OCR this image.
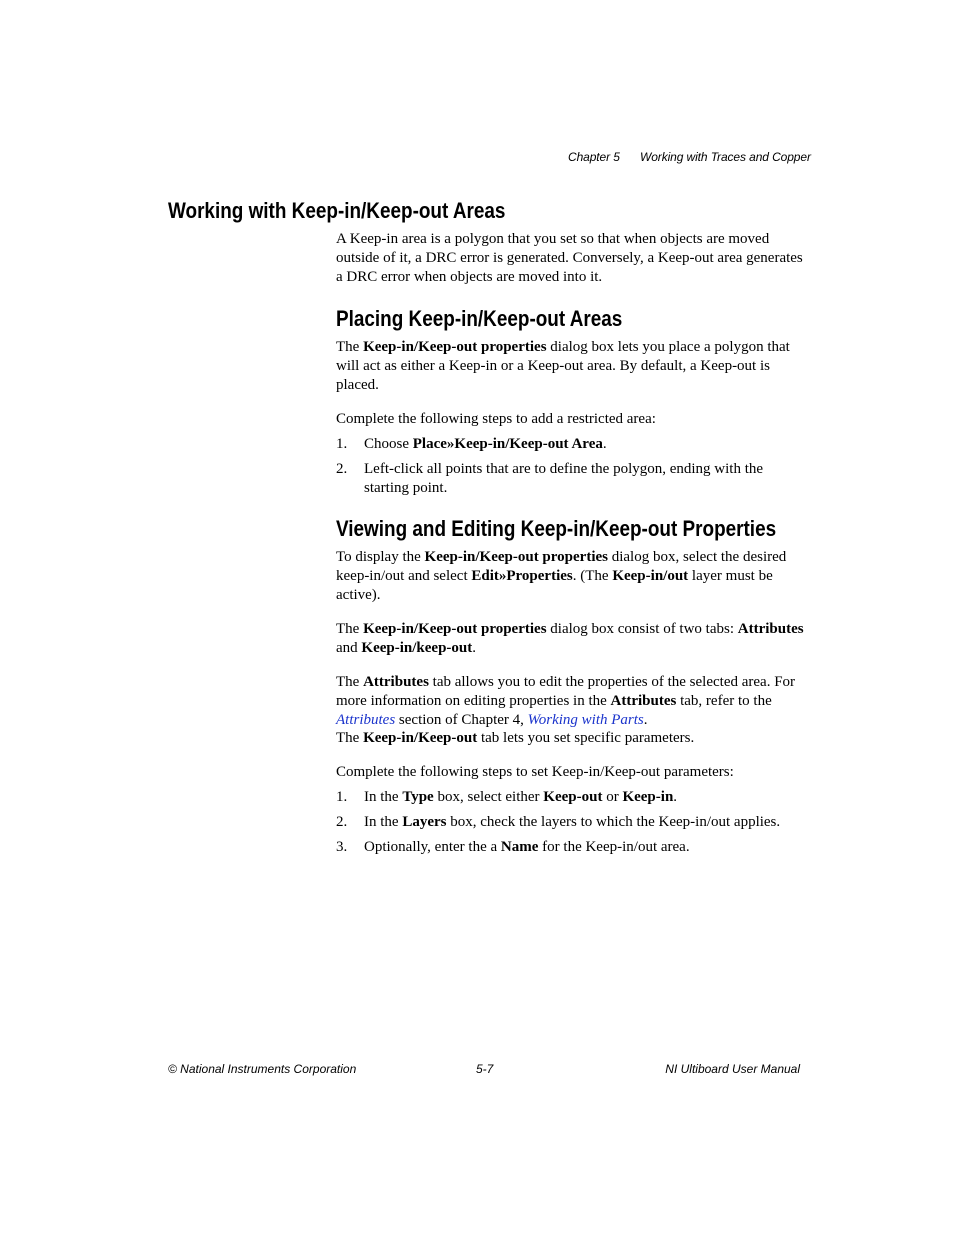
Chapter 5 Working with Traces and Copper
Working with Keep-in/Keep-out Areas

A Keep-in area is a polygon that you set so that when objects are moved outside of it, a DRC error is generated. Conversely, a Keep-out area generates a DRC error when objects are moved into it.

Placing Keep-in/Keep-out Areas

The Keep-in/Keep-out properties dialog box lets you place a polygon that will act as either a Keep-in or a Keep-out area. By default, a Keep-out is placed.

Complete the following steps to add a restricted area:

1. Choose Place»Keep-in/Keep-out Area.
2. Left-click all points that are to define the polygon, ending with the starting point.
Viewing and Editing Keep-in/Keep-out Properties

To display the Keep-in/Keep-out properties dialog box, select the desired keep-in/out and select Edit»Properties. (The Keep-in/out layer must be active).

The Keep-in/Keep-out properties dialog box consist of two tabs: Attributes and Keep-in/keep-out.

The Attributes tab allows you to edit the properties of the selected area. For more information on editing properties in the Attributes tab, refer to the Attributes section of Chapter 4, Working with Parts.

The Keep-in/Keep-out tab lets you set specific parameters.

Complete the following steps to set Keep-in/Keep-out parameters:

1. In the Type box, select either Keep-out or Keep-in.
2. In the Layers box, check the layers to which the Keep-in/out applies.
3. Optionally, enter the a Name for the Keep-in/out area.
© National Instruments Corporation	5-7	NI Ultiboard User Manual
